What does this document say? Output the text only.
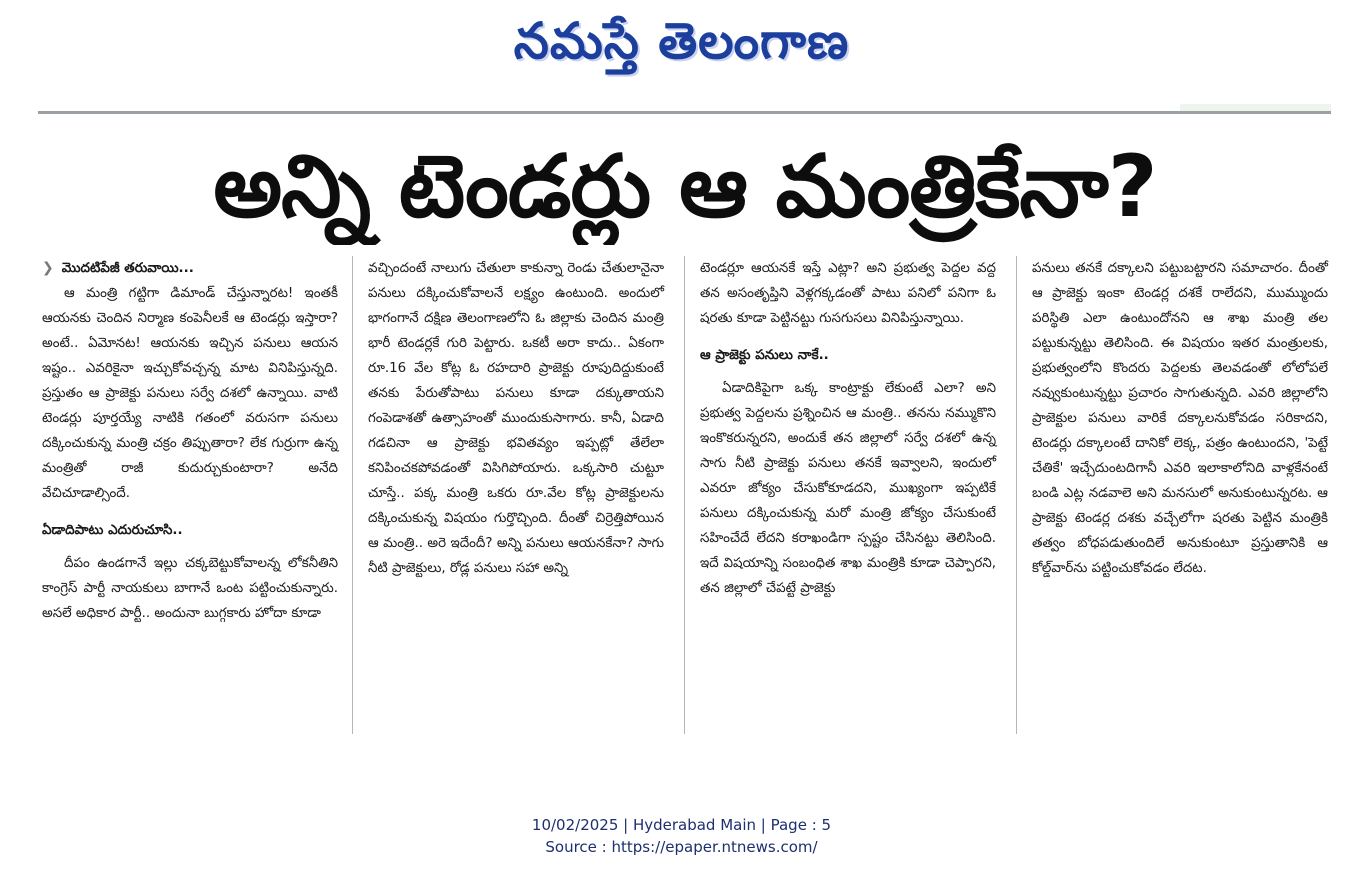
నమస్తే తెలంగాణ
అన్ని టెండర్లు ఆ మంత్రికేనా?
❯ మొదటిపేజీ తరువాయి...

ఆ మంత్రి గట్టిగా డిమాండ్ చేస్తున్నారట! ఇంతకీ ఆయనకు చెందిన నిర్మాణ కంపెనీలకే ఆ టెండర్లు ఇస్తారా? అంటే.. ఏమోనట! ఆయనకు ఇచ్చిన పనులు ఆయన ఇష్టం.. ఎవరికైనా ఇచ్చుకోవచ్చన్న మాట వినిపిస్తున్నది. ప్రస్తుతం ఆ ప్రాజెక్టు పనులు సర్వే దశలో ఉన్నాయి. వాటి టెండర్లు పూర్తయ్యే నాటికి గతంలో వరుసగా పనులు దక్కించుకున్న మంత్రి చక్రం తిప్పుతారా? లేక గుర్రుగా ఉన్న మంత్రితో రాజీ కుదుర్చుకుంటారా? అనేది వేచిచూడాల్సిందే.

ఏడాదిపాటు ఎదురుచూసి..

దీపం ఉండగానే ఇల్లు చక్కబెట్టుకోవాలన్న లోకనీతిని కాంగ్రెస్ పార్టీ నాయకులు బాగానే ఒంట పట్టించుకున్నారు. అసలే అధికార పార్టీ.. అందునా బుగ్గకారు హోదా కూడా

వచ్చిందంటే నాలుగు చేతులా కాకున్నా రెండు చేతులానైనా పనులు దక్కించుకోవాలనే లక్ష్యం ఉంటుంది. అందులో భాగంగానే దక్షిణ తెలంగాణలోని ఓ జిల్లాకు చెందిన మంత్రి భారీ టెండర్లకే గురి పెట్టారు. ఒకటీ అరా కాదు.. ఏకంగా రూ.16 వేల కోట్ల ఓ రహదారి ప్రాజెక్టు రూపుదిద్దుకుంటే తనకు పేరుతోపాటు పనులు కూడా దక్కుతాయని గంపెడాశతో ఉత్సాహంతో ముందుకుసాగారు. కానీ, ఏడాది గడచినా ఆ ప్రాజెక్టు భవితవ్యం ఇప్పట్లో తేలేలా కనిపించకపోవడంతో విసిగిపోయారు. ఒక్కసారి చుట్టూ చూస్తే.. పక్క మంత్రి ఒకరు రూ.వేల కోట్ల ప్రాజెక్టులను దక్కించుకున్న విషయం గుర్తొచ్చింది. దీంతో చిర్రెత్తిపోయిన ఆ మంత్రి.. అరె ఇదేందీ? అన్ని పనులు ఆయనకేనా? సాగు నీటి ప్రాజెక్టులు, రోడ్ల పనులు సహా అన్ని

టెండర్లూ ఆయనకే ఇస్తే ఎట్లా? అని ప్రభుత్వ పెద్దల వద్ద తన అసంతృప్తిని వెళ్లగక్కడంతో పాటు పనిలో పనిగా ఓ షరతు కూడా పెట్టినట్టు గుసగుసలు వినిపిస్తున్నాయి.

ఆ ప్రాజెక్టు పనులు నాకే..

ఏడాదికిపైగా ఒక్క కాంట్రాక్టు లేకుంటే ఎలా? అని ప్రభుత్వ పెద్దలను ప్రశ్నించిన ఆ మంత్రి.. తనను నమ్ముకొని ఇంకొకరున్నరని, అందుకే తన జిల్లాలో సర్వే దశలో ఉన్న సాగు నీటి ప్రాజెక్టు పనులు తనకే ఇవ్వాలని, ఇందులో ఎవరూ జోక్యం చేసుకోకూడదని, ముఖ్యంగా ఇప్పటికే పనులు దక్కించుకున్న మరో మంత్రి జోక్యం చేసుకుంటే సహించేదే లేదని కరాఖండిగా స్పష్టం చేసినట్టు తెలిసింది. ఇదే విషయాన్ని సంబంధిత శాఖ మంత్రికి కూడా చెప్పారని, తన జిల్లాలో చేపట్టే ప్రాజెక్టు

పనులు తనకే దక్కాలని పట్టుబట్టారని సమాచారం. దీంతో ఆ ప్రాజెక్టు ఇంకా టెండర్ల దశకే రాలేదని, ముమ్ముందు పరిస్థితి ఎలా ఉంటుందోనని ఆ శాఖ మంత్రి తల పట్టుకున్నట్టు తెలిసింది. ఈ విషయం ఇతర మంత్రులకు, ప్రభుత్వంలోని కొందరు పెద్దలకు తెలవడంతో లోలోపలే నవ్వుకుంటున్నట్టు ప్రచారం సాగుతున్నది. ఎవరి జిల్లాలోని ప్రాజెక్టుల పనులు వారికే దక్కాలనుకోవడం సరికాదని, టెండర్లు దక్కాలంటే దానికో లెక్క, పత్రం ఉంటుందని, 'పెట్టే చేతికే' ఇచ్చేదుంటదిగానీ ఎవరి ఇలాకాలోనిది వాళ్లకేనంటే బండి ఎట్ల నడవాలె అని మనసులో అనుకుంటున్నరట. ఆ ప్రాజెక్టు టెండర్ల దశకు వచ్చేలోగా షరతు పెట్టిన మంత్రికి తత్వం బోధపడుతుందిలే అనుకుంటూ ప్రస్తుతానికి ఆ కోల్డ్‌వార్‌ను పట్టించుకోవడం లేదట.

10/02/2025 | Hyderabad Main | Page : 5
Source : https://epaper.ntnews.com/
